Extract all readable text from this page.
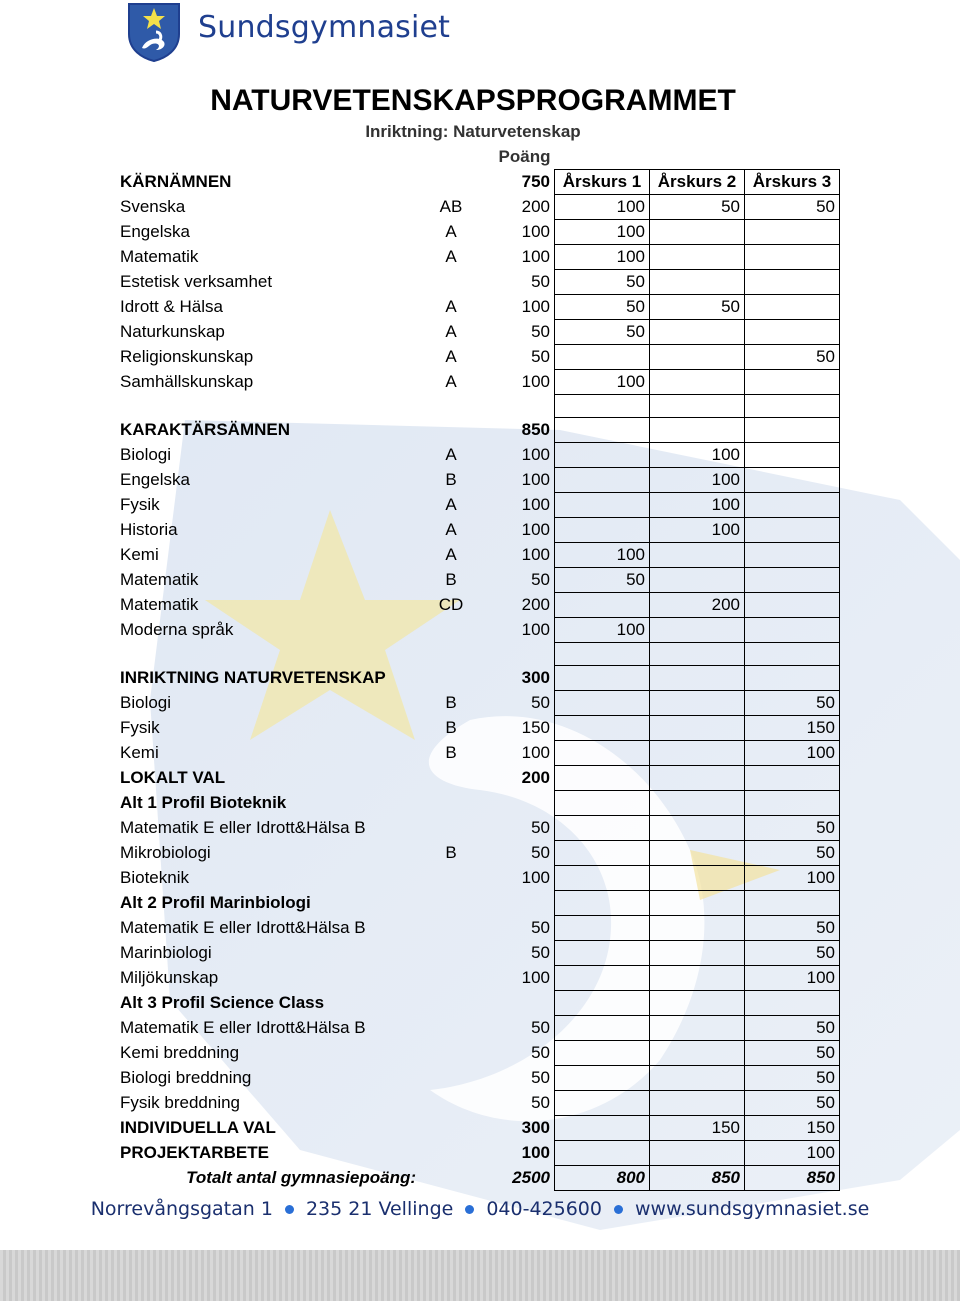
Sundsgymnasiet
NATURVETENSKAPSPROGRAMMET
Inriktning: Naturvetenskap
		Poäng			
KÄRNÄMNEN		750	Årskurs 1	Årskurs 2	Årskurs 3
Svenska	AB	200	100	50	50
Engelska	A	100	100		
Matematik	A	100	100		
Estetisk verksamhet		50	50		
Idrott & Hälsa	A	100	50	50	
Naturkunskap	A	50	50		
Religionskunskap	A	50			50
Samhällskunskap	A	100	100		

KARAKTÄRSÄMNEN		850			
Biologi	A	100		100	
Engelska	B	100		100	
Fysik	A	100		100	
Historia	A	100		100	
Kemi	A	100	100		
Matematik	B	50	50		
Matematik	CD	200		200	
Moderna språk		100	100		

INRIKTNING NATURVETENSKAP		300			
Biologi	B	50			50
Fysik	B	150			150
Kemi	B	100			100
LOKALT VAL		200			
Alt 1 Profil Bioteknik					
Matematik E eller Idrott&Hälsa B		50			50
Mikrobiologi	B	50			50
Bioteknik		100			100
Alt 2 Profil Marinbiologi					
Matematik E eller Idrott&Hälsa B		50			50
Marinbiologi		50			50
Miljökunskap		100			100
Alt 3 Profil Science Class					
Matematik E eller Idrott&Hälsa B		50			50
Kemi breddning		50			50
Biologi breddning		50			50
Fysik breddning		50			50
INDIVIDUELLA VAL		300		150	150
PROJEKTARBETE		100			100
Totalt antal gymnasiepoäng:		2500	800	850	850
Norrevångsgatan 1 235 21 Vellinge 040-425600 www.sundsgymnasiet.se
